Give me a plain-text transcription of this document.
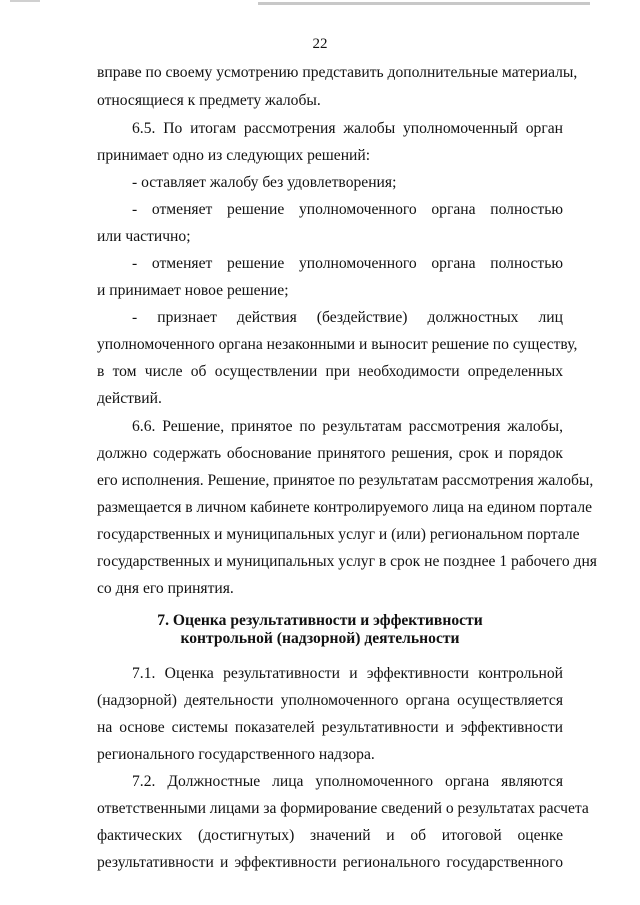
22
вправе по своему усмотрению представить дополнительные материалы,
относящиеся к предмету жалобы.
6.5. По итогам рассмотрения жалобы уполномоченный орган
принимает одно из следующих решений:
- оставляет жалобу без удовлетворения;
- отменяет решение уполномоченного органа полностью
или частично;
- отменяет решение уполномоченного органа полностью
и принимает новое решение;
- признает действия (бездействие) должностных лиц
уполномоченного органа незаконными и выносит решение по существу,
в том числе об осуществлении при необходимости определенных
действий.
6.6. Решение, принятое по результатам рассмотрения жалобы,
должно содержать обоснование принятого решения, срок и порядок
его исполнения. Решение, принятое по результатам рассмотрения жалобы,
размещается в личном кабинете контролируемого лица на едином портале
государственных и муниципальных услуг и (или) региональном портале
государственных и муниципальных услуг в срок не позднее 1 рабочего дня
со дня его принятия.
7. Оценка результативности и эффективности
контрольной (надзорной) деятельности
7.1. Оценка результативности и эффективности контрольной
(надзорной) деятельности уполномоченного органа осуществляется
на основе системы показателей результативности и эффективности
регионального государственного надзора.
7.2. Должностные лица уполномоченного органа являются
ответственными лицами за формирование сведений о результатах расчета
фактических (достигнутых) значений и об итоговой оценке
результативности и эффективности регионального государственного
